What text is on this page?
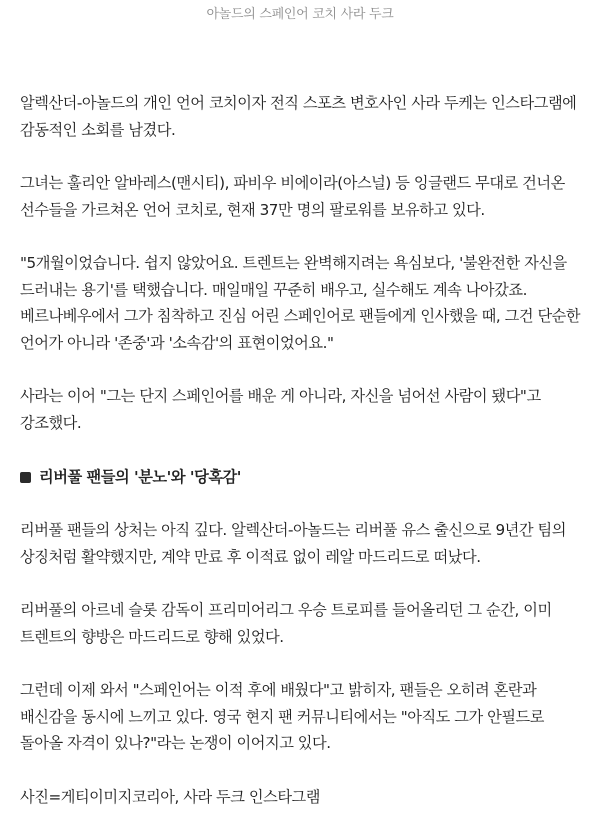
아놀드의 스페인어 코치 사라 두크

알렉산더-아놀드의 개인 언어 코치이자 전직 스포츠 변호사인 사라 두케는 인스타그램에 감동적인 소회를 남겼다.

그녀는 훌리안 알바레스(맨시티), 파비우 비에이라(아스널) 등 잉글랜드 무대로 건너온 선수들을 가르쳐온 언어 코치로, 현재 37만 명의 팔로워를 보유하고 있다.

"5개월이었습니다. 쉽지 않았어요. 트렌트는 완벽해지려는 욕심보다, '불완전한 자신을 드러내는 용기'를 택했습니다. 매일매일 꾸준히 배우고, 실수해도 계속 나아갔죠. 베르나베우에서 그가 침착하고 진심 어린 스페인어로 팬들에게 인사했을 때, 그건 단순한 언어가 아니라 '존중'과 '소속감'의 표현이었어요."

사라는 이어 "그는 단지 스페인어를 배운 게 아니라, 자신을 넘어선 사람이 됐다"고 강조했다.

리버풀 팬들의 '분노'와 '당혹감'

리버풀 팬들의 상처는 아직 깊다. 알렉산더-아놀드는 리버풀 유스 출신으로 9년간 팀의 상징처럼 활약했지만, 계약 만료 후 이적료 없이 레알 마드리드로 떠났다.

리버풀의 아르네 슬롯 감독이 프리미어리그 우승 트로피를 들어올리던 그 순간, 이미 트렌트의 향방은 마드리드로 향해 있었다.

그런데 이제 와서 "스페인어는 이적 후에 배웠다"고 밝히자, 팬들은 오히려 혼란과 배신감을 동시에 느끼고 있다. 영국 현지 팬 커뮤니티에서는 "아직도 그가 안필드로 돌아올 자격이 있나?"라는 논쟁이 이어지고 있다.

사진=게티이미지코리아, 사라 두크 인스타그램
